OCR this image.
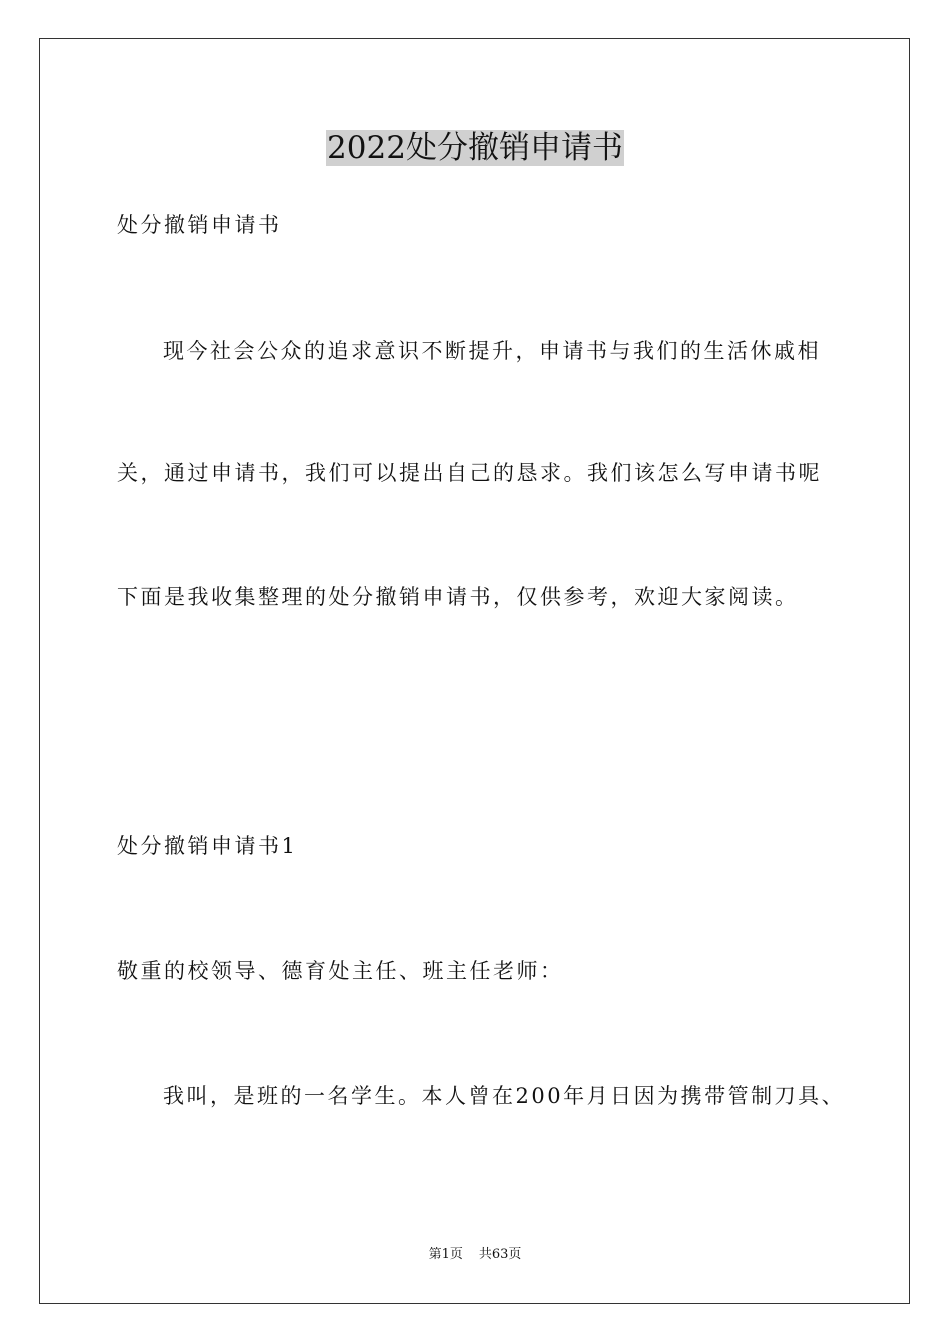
2022处分撤销申请书
处分撤销申请书
现今社会公众的追求意识不断提升，申请书与我们的生活休戚相
关，通过申请书，我们可以提出自己的恳求。我们该怎么写申请书呢
下面是我收集整理的处分撤销申请书，仅供参考，欢迎大家阅读。
处分撤销申请书1
敬重的校领导、德育处主任、班主任老师：
我叫，是班的一名学生。本人曾在200年月日因为携带管制刀具、
第1页 共63页
